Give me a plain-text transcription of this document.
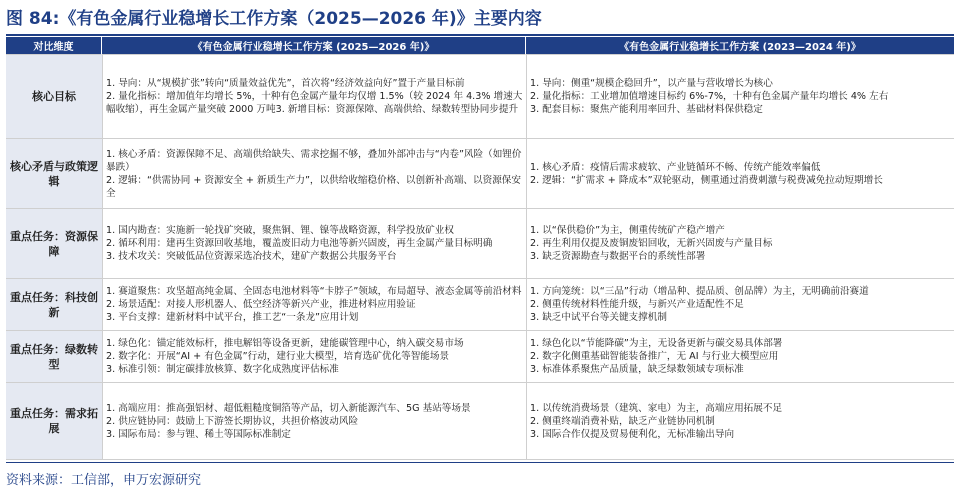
图 84:《有色金属行业稳增长工作方案（2025—2026 年)》主要内容
对比维度	《有色金属行业稳增长工作方案 (2025—2026 年)》	《有色金属行业稳增长工作方案 (2023—2024 年)》
核心目标
1. 导向：从“规模扩张”转向“质量效益优先”，首次将“经济效益向好”置于产量目标前
2. 量化指标：增加值年均增长 5%，十种有色金属产量年均仅增 1.5%（较 2024 年 4.3% 增速大幅收缩），再生金属产量突破 2000 万吨3. 新增目标：资源保障、高端供给、绿数转型协同步提升
1. 导向：侧重“规模企稳回升”，以产量与营收增长为核心
2. 量化指标：工业增加值增速目标约 6%-7%，十种有色金属产量年均增长 4% 左右
3. 配套目标：聚焦产能利用率回升、基础材料保供稳定
核心矛盾与政策逻辑
1. 核心矛盾：资源保障不足、高端供给缺失、需求挖掘不够，叠加外部冲击与“内卷”风险（如锂价暴跌）
2. 逻辑：“供需协同 + 资源安全 + 新质生产力”，以供给收缩稳价格、以创新补高端、以资源保安全
1. 核心矛盾：疫情后需求疲软、产业链循环不畅、传统产能效率偏低
2. 逻辑：“扩需求 + 降成本”双轮驱动，侧重通过消费刺激与税费减免拉动短期增长
重点任务：资源保障
1. 国内勘查：实施新一轮找矿突破，聚焦铜、锂、镍等战略资源，科学投放矿业权
2. 循环利用：建再生资源回收基地，覆盖废旧动力电池等新兴固废，再生金属产量目标明确
3. 技术攻关：突破低品位资源采选冶技术，建矿产数据公共服务平台
1. 以“保供稳价”为主，侧重传统矿产稳产增产
2. 再生利用仅提及废铜废铝回收，无新兴固废与产量目标
3. 缺乏资源勘查与数据平台的系统性部署
重点任务：科技创新
1. 赛道聚焦：攻坚超高纯金属、全固态电池材料等“卡脖子”领域，布局超导、液态金属等前沿材料
2. 场景适配：对接人形机器人、低空经济等新兴产业，推进材料应用验证
3. 平台支撑：建新材料中试平台，推工艺“一条龙”应用计划
1. 方向笼统：以“三品”行动（增品种、提品质、创品牌）为主，无明确前沿赛道
2. 侧重传统材料性能升级，与新兴产业适配性不足
3. 缺乏中试平台等关键支撑机制
重点任务：绿数转型
1. 绿色化：锚定能效标杆，推电解铝等设备更新，建能碳管理中心，纳入碳交易市场
2. 数字化：开展“AI + 有色金属”行动，建行业大模型，培育选矿优化等智能场景
3. 标准引领：制定碳排放核算、数字化成熟度评估标准
1. 绿色化以“节能降碳”为主，无设备更新与碳交易具体部署
2. 数字化侧重基础智能装备推广，无 AI 与行业大模型应用
3. 标准体系聚焦产品质量，缺乏绿数领域专项标准
重点任务：需求拓展
1. 高端应用：推高强铝材、超低粗糙度铜箔等产品，切入新能源汽车、5G 基站等场景
2. 供应链协同：鼓励上下游签长期协议，共担价格波动风险
3. 国际布局：参与锂、稀土等国际标准制定
1. 以传统消费场景（建筑、家电）为主，高端应用拓展不足
2. 侧重终端消费补贴，缺乏产业链协同机制
3. 国际合作仅提及贸易便利化，无标准输出导向
资料来源：工信部，申万宏源研究
